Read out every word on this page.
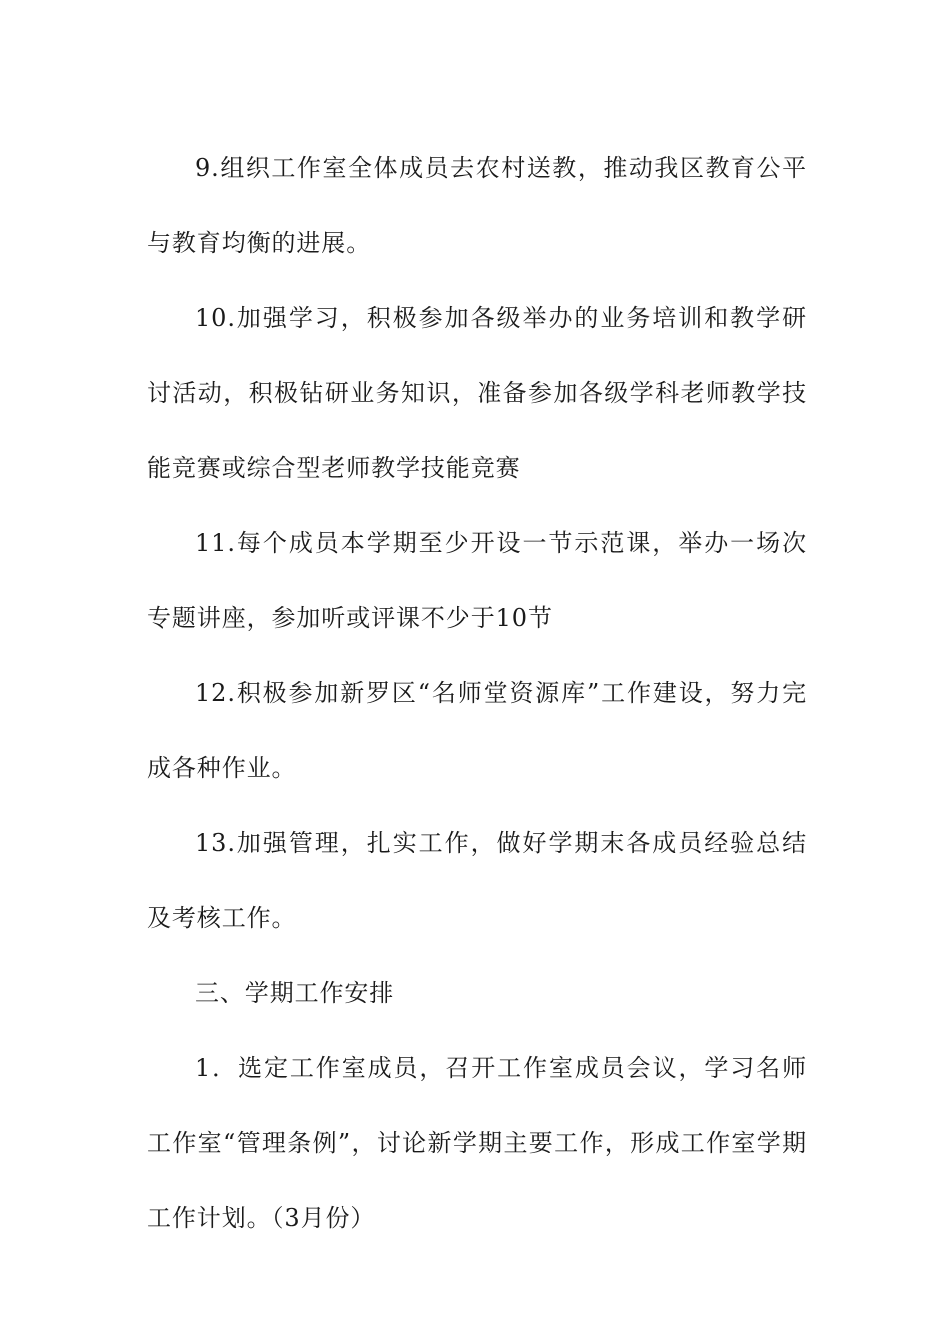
9.组织工作室全体成员去农村送教，推动我区教育公平与教育均衡的进展。

10.加强学习，积极参加各级举办的业务培训和教学研讨活动，积极钻研业务知识，准备参加各级学科老师教学技能竞赛或综合型老师教学技能竞赛

11.每个成员本学期至少开设一节示范课，举办一场次专题讲座，参加听或评课不少于10节

12.积极参加新罗区“名师堂资源库”工作建设，努力完成各种作业。

13.加强管理，扎实工作，做好学期末各成员经验总结及考核工作。

三、学期工作安排

1．选定工作室成员，召开工作室成员会议，学习名师工作室“管理条例”，讨论新学期主要工作，形成工作室学期工作计划。（3月份）
